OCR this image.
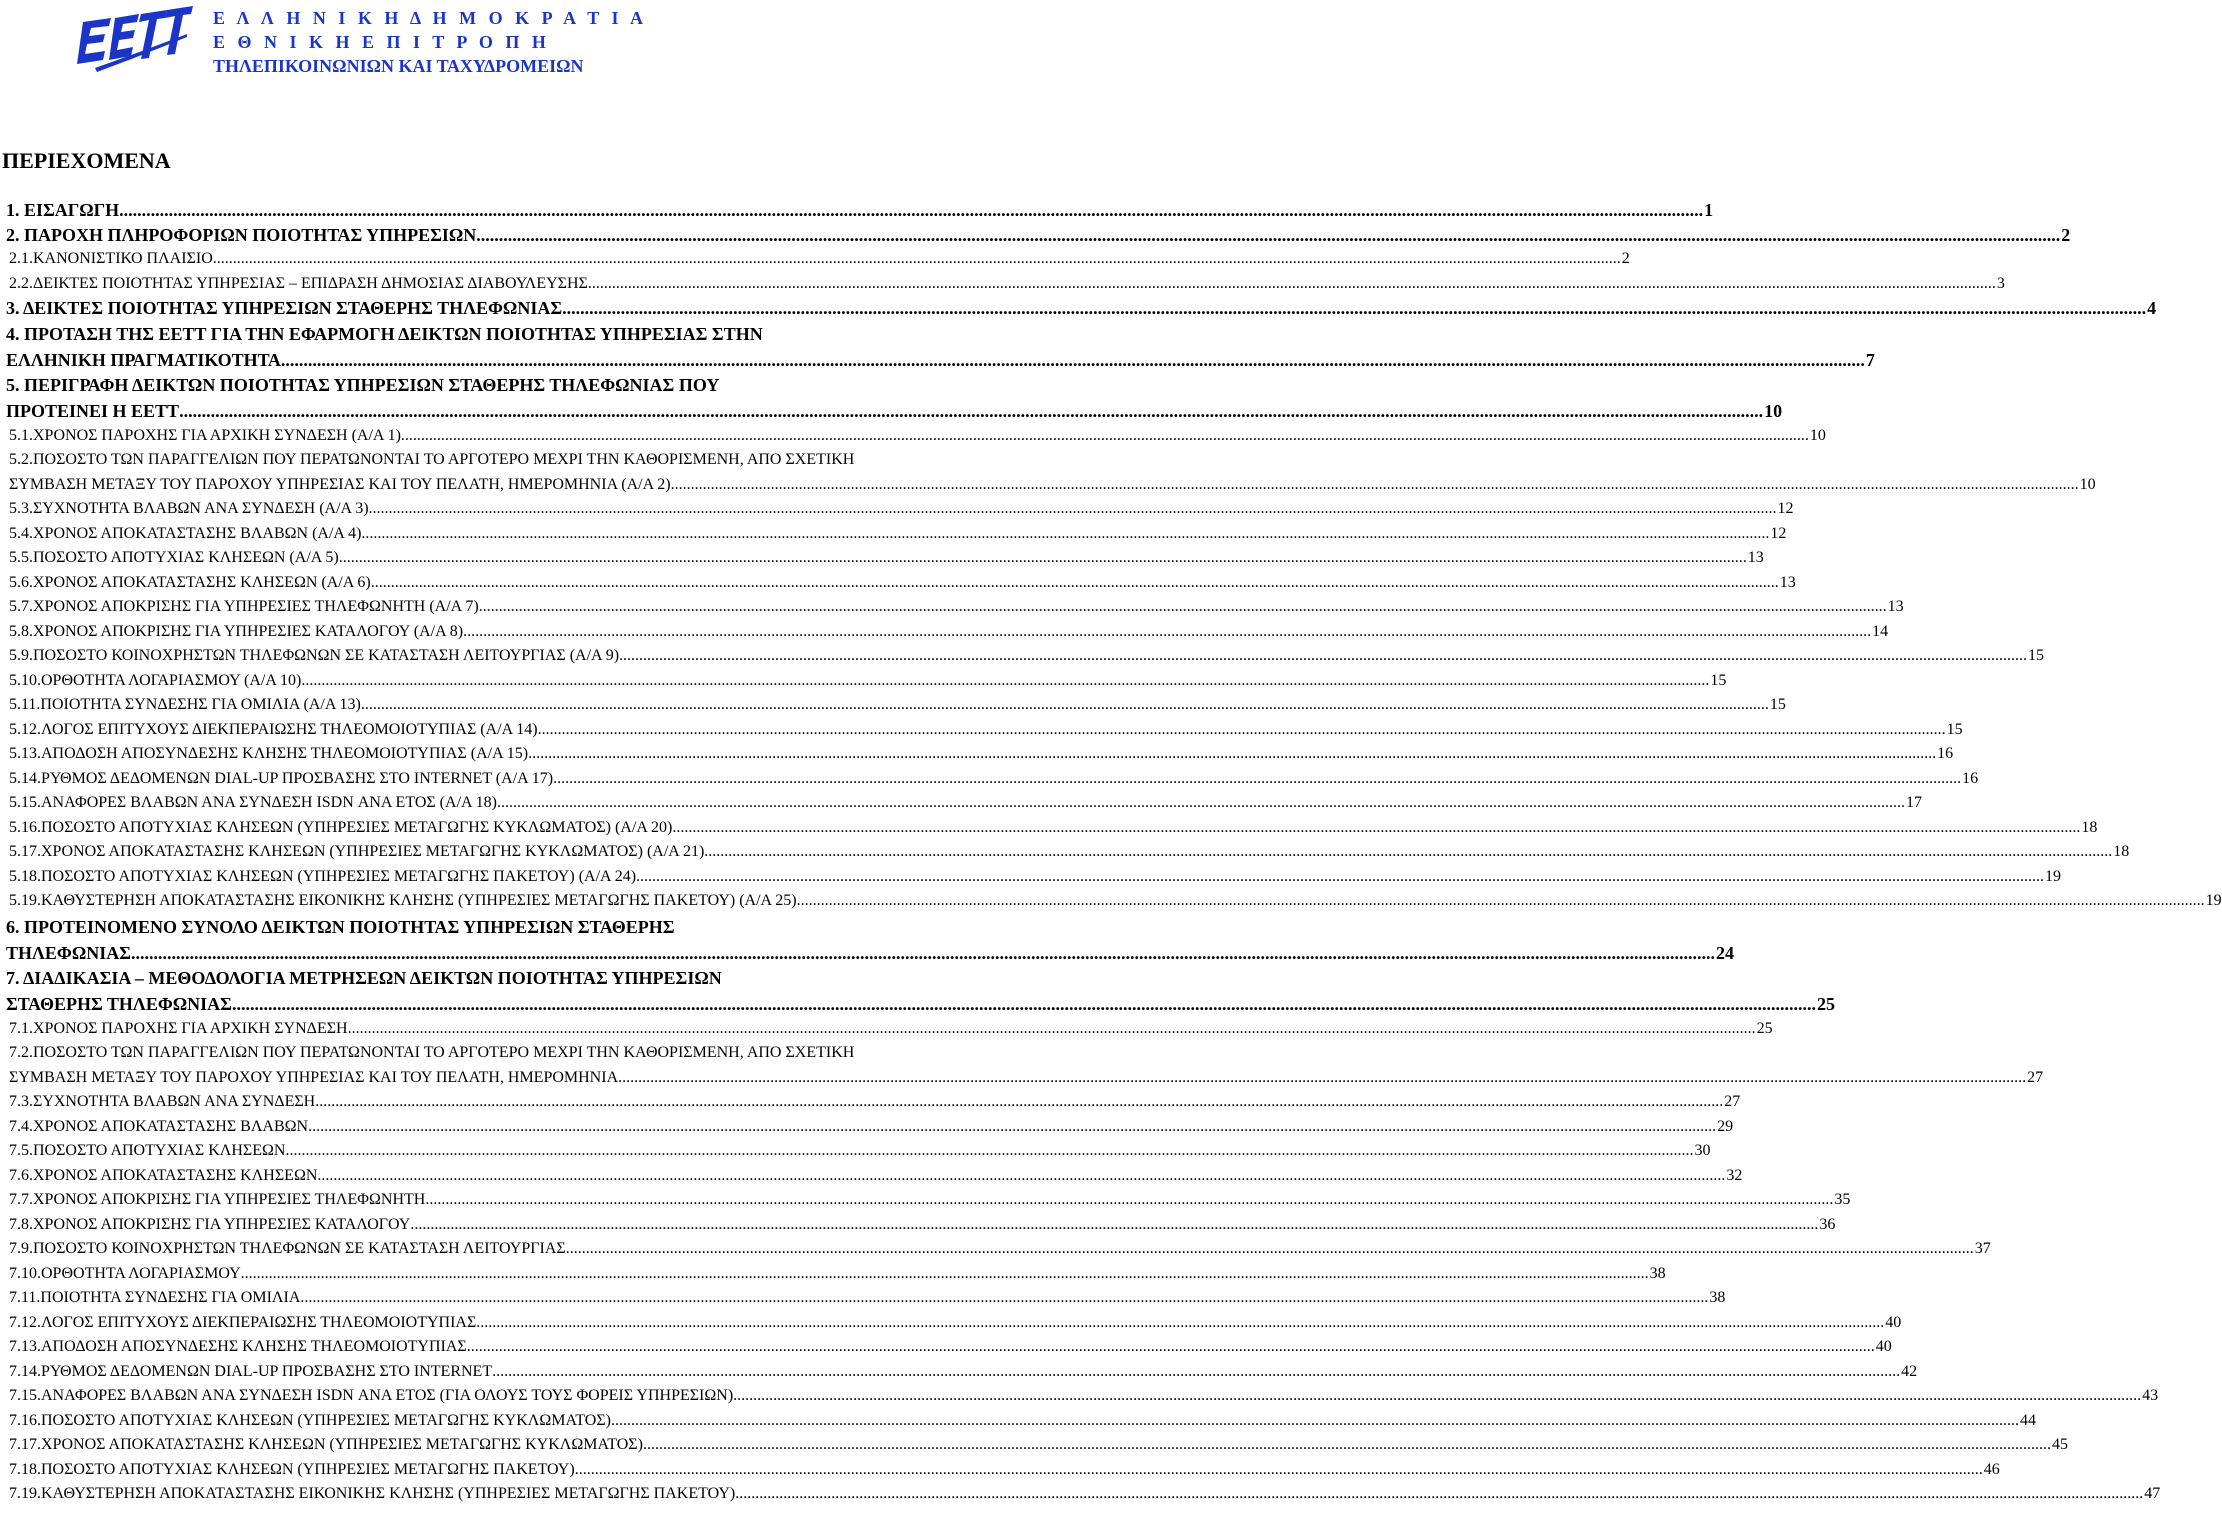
Ε Λ Λ Η Ν Ι Κ Η Δ Η Μ Ο Κ Ρ Α Τ Ι Α
Ε Θ Ν Ι Κ Η Ε Π Ι Τ Ρ Ο Π Η
ΤΗΛΕΠΙΚΟΙΝΩΝΙΩΝ ΚΑΙ ΤΑΧΥΔΡΟΜΕΙΩΝ
ΠΕΡΙΕΧΟΜΕΝΑ
1. ΕΙΣΑΓΩΓΗ .....	1
2. ΠΑΡΟΧΗ ΠΛΗΡΟΦΟΡΙΩΝ ΠΟΙΟΤΗΤΑΣ ΥΠΗΡΕΣΙΩΝ .....	2
2.1.ΚΑΝΟΝΙΣΤΙΚΟ ΠΛΑΙΣΙΟ .....	2
2.2.ΔΕΙΚΤΕΣ ΠΟΙΟΤΗΤΑΣ ΥΠΗΡΕΣΙΑΣ – ΕΠΙΔΡΑΣΗ ΔΗΜΟΣΙΑΣ ΔΙΑΒΟΥΛΕΥΣΗΣ .....	3
3. ΔΕΙΚΤΕΣ ΠΟΙΟΤΗΤΑΣ ΥΠΗΡΕΣΙΩΝ ΣΤΑΘΕΡΗΣ ΤΗΛΕΦΩΝΙΑΣ .....	4
4. ΠΡΟΤΑΣΗ ΤΗΣ ΕΕΤΤ ΓΙΑ ΤΗΝ ΕΦΑΡΜΟΓΗ ΔΕΙΚΤΩΝ ΠΟΙΟΤΗΤΑΣ ΥΠΗΡΕΣΙΑΣ ΣΤΗΝ
ΕΛΛΗΝΙΚΗ ΠΡΑΓΜΑΤΙΚΟΤΗΤΑ .....	7
5. ΠΕΡΙΓΡΑΦΗ ΔΕΙΚΤΩΝ ΠΟΙΟΤΗΤΑΣ ΥΠΗΡΕΣΙΩΝ ΣΤΑΘΕΡΗΣ ΤΗΛΕΦΩΝΙΑΣ ΠΟΥ
ΠΡΟΤΕΙΝΕΙ Η ΕΕΤΤ .....	10
5.1.ΧΡΟΝΟΣ ΠΑΡΟΧΗΣ ΓΙΑ ΑΡΧΙΚΗ ΣΥΝΔΕΣΗ (Α/Α 1) .....	10
5.2.ΠΟΣΟΣΤΟ ΤΩΝ ΠΑΡΑΓΓΕΛΙΩΝ ΠΟΥ ΠΕΡΑΤΩΝΟΝΤΑΙ ΤΟ ΑΡΓΟΤΕΡΟ ΜΕΧΡΙ ΤΗΝ ΚΑΘΟΡΙΣΜΕΝΗ, ΑΠΟ ΣΧΕΤΙΚΗ
ΣΥΜΒΑΣΗ ΜΕΤΑΞΥ ΤΟΥ ΠΑΡΟΧΟΥ ΥΠΗΡΕΣΙΑΣ ΚΑΙ ΤΟΥ ΠΕΛΑΤΗ, ΗΜΕΡΟΜΗΝΙΑ (Α/Α 2) .....	10
5.3.ΣΥΧΝΟΤΗΤΑ ΒΛΑΒΩΝ ΑΝΑ ΣΥΝΔΕΣΗ (Α/Α 3) .....	12
5.4.ΧΡΟΝΟΣ ΑΠΟΚΑΤΑΣΤΑΣΗΣ ΒΛΑΒΩΝ (Α/Α 4) .....	12
5.5.ΠΟΣΟΣΤΟ ΑΠΟΤΥΧΙΑΣ ΚΛΗΣΕΩΝ (Α/Α 5) .....	13
5.6.ΧΡΟΝΟΣ ΑΠΟΚΑΤΑΣΤΑΣΗΣ ΚΛΗΣΕΩΝ (Α/Α 6) .....	13
5.7.ΧΡΟΝΟΣ ΑΠΟΚΡΙΣΗΣ ΓΙΑ ΥΠΗΡΕΣΙΕΣ ΤΗΛΕΦΩΝΗΤΗ (Α/Α 7) .....	13
5.8.ΧΡΟΝΟΣ ΑΠΟΚΡΙΣΗΣ ΓΙΑ ΥΠΗΡΕΣΙΕΣ ΚΑΤΑΛΟΓΟΥ (Α/Α 8) .....	14
5.9.ΠΟΣΟΣΤΟ ΚΟΙΝΟΧΡΗΣΤΩΝ ΤΗΛΕΦΩΝΩΝ ΣΕ ΚΑΤΑΣΤΑΣΗ ΛΕΙΤΟΥΡΓΙΑΣ (Α/Α 9) .....	15
5.10.ΟΡΘΟΤΗΤΑ ΛΟΓΑΡΙΑΣΜΟΥ (Α/Α 10) .....	15
5.11.ΠΟΙΟΤΗΤΑ ΣΥΝΔΕΣΗΣ ΓΙΑ ΟΜΙΛΙΑ (Α/Α 13) .....	15
5.12.ΛΟΓΟΣ ΕΠΙΤΥΧΟΥΣ ΔΙΕΚΠΕΡΑΙΩΣΗΣ ΤΗΛΕΟΜΟΙΟΤΥΠΙΑΣ (Α/Α 14) .....	15
5.13.ΑΠΟΔΟΣΗ ΑΠΟΣΥΝΔΕΣΗΣ ΚΛΗΣΗΣ ΤΗΛΕΟΜΟΙΟΤΥΠΙΑΣ (Α/Α 15) .....	16
5.14.ΡΥΘΜΟΣ ΔΕΔΟΜΕΝΩΝ DIAL-UP ΠΡΟΣΒΑΣΗΣ ΣΤΟ INTERNET (Α/Α 17) .....	16
5.15.ΑΝΑΦΟΡΕΣ ΒΛΑΒΩΝ ΑΝΑ ΣΥΝΔΕΣΗ ISDN ΑΝΑ ΕΤΟΣ (Α/Α 18) .....	17
5.16.ΠΟΣΟΣΤΟ ΑΠΟΤΥΧΙΑΣ ΚΛΗΣΕΩΝ (ΥΠΗΡΕΣΙΕΣ ΜΕΤΑΓΩΓΗΣ ΚΥΚΛΩΜΑΤΟΣ) (Α/Α 20) .....	18
5.17.ΧΡΟΝΟΣ ΑΠΟΚΑΤΑΣΤΑΣΗΣ ΚΛΗΣΕΩΝ (ΥΠΗΡΕΣΙΕΣ ΜΕΤΑΓΩΓΗΣ ΚΥΚΛΩΜΑΤΟΣ) (Α/Α 21) .....	18
5.18.ΠΟΣΟΣΤΟ ΑΠΟΤΥΧΙΑΣ ΚΛΗΣΕΩΝ (ΥΠΗΡΕΣΙΕΣ ΜΕΤΑΓΩΓΗΣ ΠΑΚΕΤΟΥ) (Α/Α 24) .....	19
5.19.ΚΑΘΥΣΤΕΡΗΣΗ ΑΠΟΚΑΤΑΣΤΑΣΗΣ ΕΙΚΟΝΙΚΗΣ ΚΛΗΣΗΣ (ΥΠΗΡΕΣΙΕΣ ΜΕΤΑΓΩΓΗΣ ΠΑΚΕΤΟΥ) (Α/Α 25) .....	19
6. ΠΡΟΤΕΙΝΟΜΕΝΟ ΣΥΝΟΛΟ ΔΕΙΚΤΩΝ ΠΟΙΟΤΗΤΑΣ ΥΠΗΡΕΣΙΩΝ ΣΤΑΘΕΡΗΣ
ΤΗΛΕΦΩΝΙΑΣ .....	24
7. ΔΙΑΔΙΚΑΣΙΑ – ΜΕΘΟΔΟΛΟΓΙΑ ΜΕΤΡΗΣΕΩΝ ΔΕΙΚΤΩΝ ΠΟΙΟΤΗΤΑΣ ΥΠΗΡΕΣΙΩΝ
ΣΤΑΘΕΡΗΣ ΤΗΛΕΦΩΝΙΑΣ .....	25
7.1.ΧΡΟΝΟΣ ΠΑΡΟΧΗΣ ΓΙΑ ΑΡΧΙΚΗ ΣΥΝΔΕΣΗ .....	25
7.2.ΠΟΣΟΣΤΟ ΤΩΝ ΠΑΡΑΓΓΕΛΙΩΝ ΠΟΥ ΠΕΡΑΤΩΝΟΝΤΑΙ ΤΟ ΑΡΓΟΤΕΡΟ ΜΕΧΡΙ ΤΗΝ ΚΑΘΟΡΙΣΜΕΝΗ, ΑΠΟ ΣΧΕΤΙΚΗ
ΣΥΜΒΑΣΗ ΜΕΤΑΞΥ ΤΟΥ ΠΑΡΟΧΟΥ ΥΠΗΡΕΣΙΑΣ ΚΑΙ ΤΟΥ ΠΕΛΑΤΗ, ΗΜΕΡΟΜΗΝΙΑ .....	27
7.3.ΣΥΧΝΟΤΗΤΑ ΒΛΑΒΩΝ ΑΝΑ ΣΥΝΔΕΣΗ .....	27
7.4.ΧΡΟΝΟΣ ΑΠΟΚΑΤΑΣΤΑΣΗΣ ΒΛΑΒΩΝ .....	29
7.5.ΠΟΣΟΣΤΟ ΑΠΟΤΥΧΙΑΣ ΚΛΗΣΕΩΝ .....	30
7.6.ΧΡΟΝΟΣ ΑΠΟΚΑΤΑΣΤΑΣΗΣ ΚΛΗΣΕΩΝ .....	32
7.7.ΧΡΟΝΟΣ ΑΠΟΚΡΙΣΗΣ ΓΙΑ ΥΠΗΡΕΣΙΕΣ ΤΗΛΕΦΩΝΗΤΗ .....	35
7.8.ΧΡΟΝΟΣ ΑΠΟΚΡΙΣΗΣ ΓΙΑ ΥΠΗΡΕΣΙΕΣ ΚΑΤΑΛΟΓΟΥ .....	36
7.9.ΠΟΣΟΣΤΟ ΚΟΙΝΟΧΡΗΣΤΩΝ ΤΗΛΕΦΩΝΩΝ ΣΕ ΚΑΤΑΣΤΑΣΗ ΛΕΙΤΟΥΡΓΙΑΣ .....	37
7.10.ΟΡΘΟΤΗΤΑ ΛΟΓΑΡΙΑΣΜΟΥ .....	38
7.11.ΠΟΙΟΤΗΤΑ ΣΥΝΔΕΣΗΣ ΓΙΑ ΟΜΙΛΙΑ .....	38
7.12.ΛΟΓΟΣ ΕΠΙΤΥΧΟΥΣ ΔΙΕΚΠΕΡΑΙΩΣΗΣ ΤΗΛΕΟΜΟΙΟΤΥΠΙΑΣ .....	40
7.13.ΑΠΟΔΟΣΗ ΑΠΟΣΥΝΔΕΣΗΣ ΚΛΗΣΗΣ ΤΗΛΕΟΜΟΙΟΤΥΠΙΑΣ .....	40
7.14.ΡΥΘΜΟΣ ΔΕΔΟΜΕΝΩΝ DIAL-UP ΠΡΟΣΒΑΣΗΣ ΣΤΟ INTERNET .....	42
7.15.ΑΝΑΦΟΡΕΣ ΒΛΑΒΩΝ ΑΝΑ ΣΥΝΔΕΣΗ ISDN ΑΝΑ ΕΤΟΣ (ΓΙΑ ΟΛΟΥΣ ΤΟΥΣ ΦΟΡΕΙΣ ΥΠΗΡΕΣΙΩΝ) .....	43
7.16.ΠΟΣΟΣΤΟ ΑΠΟΤΥΧΙΑΣ ΚΛΗΣΕΩΝ (ΥΠΗΡΕΣΙΕΣ ΜΕΤΑΓΩΓΗΣ ΚΥΚΛΩΜΑΤΟΣ) .....	44
7.17.ΧΡΟΝΟΣ ΑΠΟΚΑΤΑΣΤΑΣΗΣ ΚΛΗΣΕΩΝ (ΥΠΗΡΕΣΙΕΣ ΜΕΤΑΓΩΓΗΣ ΚΥΚΛΩΜΑΤΟΣ) .....	45
7.18.ΠΟΣΟΣΤΟ ΑΠΟΤΥΧΙΑΣ ΚΛΗΣΕΩΝ (ΥΠΗΡΕΣΙΕΣ ΜΕΤΑΓΩΓΗΣ ΠΑΚΕΤΟΥ) .....	46
7.19.ΚΑΘΥΣΤΕΡΗΣΗ ΑΠΟΚΑΤΑΣΤΑΣΗΣ ΕΙΚΟΝΙΚΗΣ ΚΛΗΣΗΣ (ΥΠΗΡΕΣΙΕΣ ΜΕΤΑΓΩΓΗΣ ΠΑΚΕΤΟΥ) .....	47
